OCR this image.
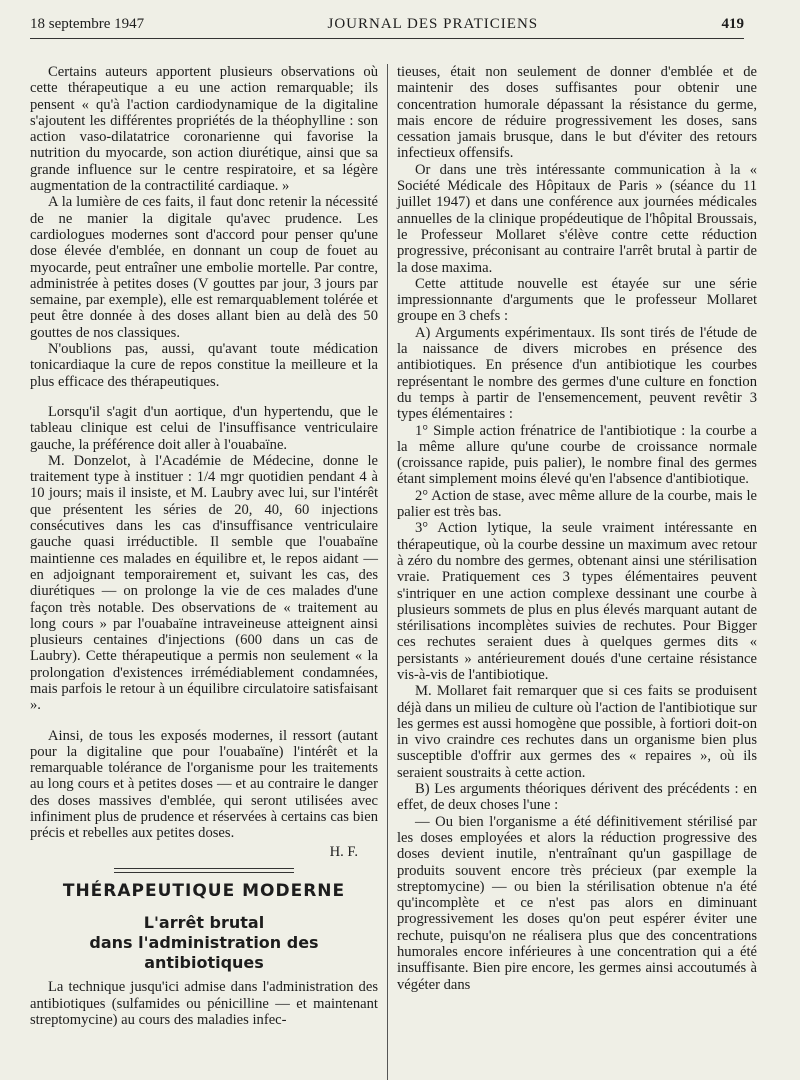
18 septembre 1947	JOURNAL DES PRATICIENS	419

Certains auteurs apportent plusieurs observations où cette thérapeutique a eu une action remarquable; ils pensent « qu'à l'action cardiodynamique de la digitaline s'ajoutent les différentes propriétés de la théophylline : son action vaso-dilatatrice coronarienne qui favorise la nutrition du myocarde, son action diurétique, ainsi que sa grande influence sur le centre respiratoire, et sa légère augmentation de la contractilité cardiaque. »

A la lumière de ces faits, il faut donc retenir la nécessité de ne manier la digitale qu'avec prudence. Les cardiologues modernes sont d'accord pour penser qu'une dose élevée d'emblée, en donnant un coup de fouet au myocarde, peut entraîner une embolie mortelle. Par contre, administrée à petites doses (V gouttes par jour, 3 jours par semaine, par exemple), elle est remarquablement tolérée et peut être donnée à des doses allant bien au delà des 50 gouttes de nos classiques.

N'oublions pas, aussi, qu'avant toute médication tonicardiaque la cure de repos constitue la meilleure et la plus efficace des thérapeutiques.

Lorsqu'il s'agit d'un aortique, d'un hypertendu, que le tableau clinique est celui de l'insuffisance ventriculaire gauche, la préférence doit aller à l'ouabaïne.

M. Donzelot, à l'Académie de Médecine, donne le traitement type à instituer : 1/4 mgr quotidien pendant 4 à 10 jours; mais il insiste, et M. Laubry avec lui, sur l'intérêt que présentent les séries de 20, 40, 60 injections consécutives dans les cas d'insuffisance ventriculaire gauche quasi irréductible. Il semble que l'ouabaïne maintienne ces malades en équilibre et, le repos aidant — en adjoignant temporairement et, suivant les cas, des diurétiques — on prolonge la vie de ces malades d'une façon très notable. Des observations de « traitement au long cours » par l'ouabaïne intraveineuse atteignent ainsi plusieurs centaines d'injections (600 dans un cas de Laubry). Cette thérapeutique a permis non seulement « la prolongation d'existences irrémédiablement condamnées, mais parfois le retour à un équilibre circulatoire satisfaisant ».

Ainsi, de tous les exposés modernes, il ressort (autant pour la digitaline que pour l'ouabaïne) l'intérêt et la remarquable tolérance de l'organisme pour les traitements au long cours et à petites doses — et au contraire le danger des doses massives d'emblée, qui seront utilisées avec infiniment plus de prudence et réservées à certains cas bien précis et rebelles aux petites doses.

H. F.
THÉRAPEUTIQUE MODERNE
L'arrêt brutal
dans l'administration des antibiotiques

La technique jusqu'ici admise dans l'administration des antibiotiques (sulfamides ou pénicilline — et maintenant streptomycine) au cours des maladies infec-

tieuses, était non seulement de donner d'emblée et de maintenir des doses suffisantes pour obtenir une concentration humorale dépassant la résistance du germe, mais encore de réduire progressivement les doses, sans cessation jamais brusque, dans le but d'éviter des retours infectieux offensifs.

Or dans une très intéressante communication à la « Société Médicale des Hôpitaux de Paris » (séance du 11 juillet 1947) et dans une conférence aux journées médicales annuelles de la clinique propédeutique de l'hôpital Broussais, le Professeur Mollaret s'élève contre cette réduction progressive, préconisant au contraire l'arrêt brutal à partir de la dose maxima.

Cette attitude nouvelle est étayée sur une série impressionnante d'arguments que le professeur Mollaret groupe en 3 chefs :

A) Arguments expérimentaux. Ils sont tirés de l'étude de la naissance de divers microbes en présence des antibiotiques. En présence d'un antibiotique les courbes représentant le nombre des germes d'une culture en fonction du temps à partir de l'ensemencement, peuvent revêtir 3 types élémentaires :

1° Simple action frénatrice de l'antibiotique : la courbe a la même allure qu'une courbe de croissance normale (croissance rapide, puis palier), le nombre final des germes étant simplement moins élevé qu'en l'absence d'antibiotique.

2° Action de stase, avec même allure de la courbe, mais le palier est très bas.

3° Action lytique, la seule vraiment intéressante en thérapeutique, où la courbe dessine un maximum avec retour à zéro du nombre des germes, obtenant ainsi une stérilisation vraie. Pratiquement ces 3 types élémentaires peuvent s'intriquer en une action complexe dessinant une courbe à plusieurs sommets de plus en plus élevés marquant autant de stérilisations incomplètes suivies de rechutes. Pour Bigger ces rechutes seraient dues à quelques germes dits « persistants » antérieurement doués d'une certaine résistance vis-à-vis de l'antibiotique.

M. Mollaret fait remarquer que si ces faits se produisent déjà dans un milieu de culture où l'action de l'antibiotique sur les germes est aussi homogène que possible, à fortiori doit-on in vivo craindre ces rechutes dans un organisme bien plus susceptible d'offrir aux germes des « repaires », où ils seraient soustraits à cette action.

B) Les arguments théoriques dérivent des précédents : en effet, de deux choses l'une :

— Ou bien l'organisme a été définitivement stérilisé par les doses employées et alors la réduction progressive des doses devient inutile, n'entraînant qu'un gaspillage de produits souvent encore très précieux (par exemple la streptomycine) — ou bien la stérilisation obtenue n'a été qu'incomplète et ce n'est pas alors en diminuant progressivement les doses qu'on peut espérer éviter une rechute, puisqu'on ne réalisera plus que des concentrations humorales encore inférieures à une concentration qui a été insuffisante. Bien pire encore, les germes ainsi accoutumés à végéter dans
